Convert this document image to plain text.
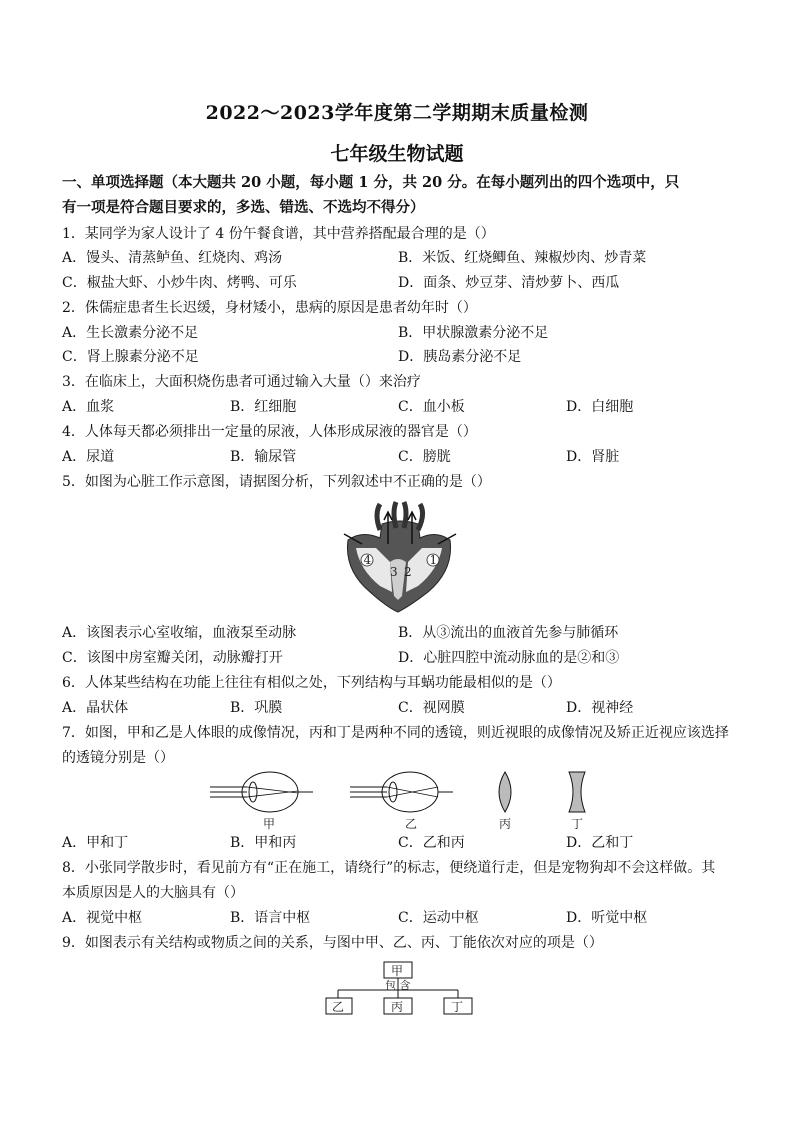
2022～2023学年度第二学期期末质量检测
七年级生物试题
一、单项选择题（本大题共 20 小题，每小题 1 分，共 20 分。在每小题列出的四个选项中，只
有一项是符合题目要求的，多选、错选、不选均不得分）
1．某同学为家人设计了 4 份午餐食谱，其中营养搭配最合理的是（）
A．馒头、清蒸鲈鱼、红烧肉、鸡汤	B．米饭、红烧鲫鱼、辣椒炒肉、炒青菜
C．椒盐大虾、小炒牛肉、烤鸭、可乐	D．面条、炒豆芽、清炒萝卜、西瓜
2．侏儒症患者生长迟缓，身材矮小，患病的原因是患者幼年时（）
A．生长激素分泌不足	B．甲状腺激素分泌不足
C．肾上腺素分泌不足	D．胰岛素分泌不足
3．在临床上，大面积烧伤患者可通过输入大量（）来治疗
A．血浆	B．红细胞	C．血小板	D．白细胞
4．人体每天都必须排出一定量的尿液，人体形成尿液的器官是（）
A．尿道	B．输尿管	C．膀胱	D．肾脏
5．如图为心脏工作示意图，请据图分析，下列叙述中不正确的是（）
4
3 2
1
A．该图表示心室收缩，血液泵至动脉	B．从③流出的血液首先参与肺循环
C．该图中房室瓣关闭，动脉瓣打开	D．心脏四腔中流动脉血的是②和③
6．人体某些结构在功能上往往有相似之处，下列结构与耳蜗功能最相似的是（）
A．晶状体	B．巩膜	C．视网膜	D．视神经
7．如图，甲和乙是人体眼的成像情况，丙和丁是两种不同的透镜，则近视眼的成像情况及矫正近视应该选择
的透镜分别是（）
甲	乙	丙	丁
A．甲和丁	B．甲和丙	C．乙和丙	D．乙和丁
8．小张同学散步时，看见前方有“正在施工，请绕行”的标志，便绕道行走，但是宠物狗却不会这样做。其
本质原因是人的大脑具有（）
A．视觉中枢	B．语言中枢	C．运动中枢	D．听觉中枢
9．如图表示有关结构或物质之间的关系，与图中甲、乙、丙、丁能依次对应的项是（）
甲
包 含
乙	丙	丁
